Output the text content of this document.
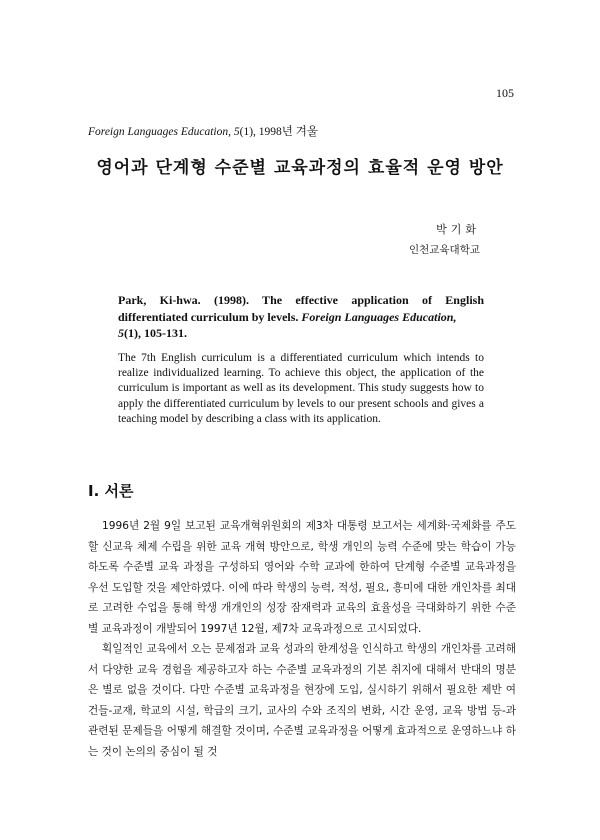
105
Foreign Languages Education, 5(1), 1998년 겨울
영어과 단계형 수준별 교육과정의 효율적 운영 방안
박기화
인천교육대학교
Park, Ki-hwa. (1998). The effective application of English differentiated curriculum by levels. Foreign Languages Education,
5(1), 105-131.
The 7th English curriculum is a differentiated curriculum which intends to realize individualized learning. To achieve this object, the application of the curriculum is important as well as its development. This study suggests how to apply the differentiated curriculum by levels to our present schools and gives a teaching model by describing a class with its application.
I. 서론

1996년 2월 9일 보고된 교육개혁위원회의 제3차 대통령 보고서는 세계화·국제화를 주도할 신교육 체제 수립을 위한 교육 개혁 방안으로, 학생 개인의 능력 수준에 맞는 학습이 가능하도록 수준별 교육 과정을 구성하되 영어와 수학 교과에 한하여 단계형 수준별 교육과정을 우선 도입할 것을 제안하였다. 이에 따라 학생의 능력, 적성, 필요, 흥미에 대한 개인차를 최대로 고려한 수업을 통해 학생 개개인의 성장 잠재력과 교육의 효율성을 극대화하기 위한 수준별 교육과정이 개발되어 1997년 12월, 제7차 교육과정으로 고시되었다.

획일적인 교육에서 오는 문제점과 교육 성과의 한계성을 인식하고 학생의 개인차를 고려해서 다양한 교육 경험을 제공하고자 하는 수준별 교육과정의 기본 취지에 대해서 반대의 명분은 별로 없을 것이다. 다만 수준별 교육과정을 현장에 도입, 실시하기 위해서 필요한 제반 여건들-교재, 학교의 시설, 학급의 크기, 교사의 수와 조직의 변화, 시간 운영, 교육 방법 등-과 관련된 문제들을 어떻게 해결할 것이며, 수준별 교육과정을 어떻게 효과적으로 운영하느냐 하는 것이 논의의 중심이 될 것
